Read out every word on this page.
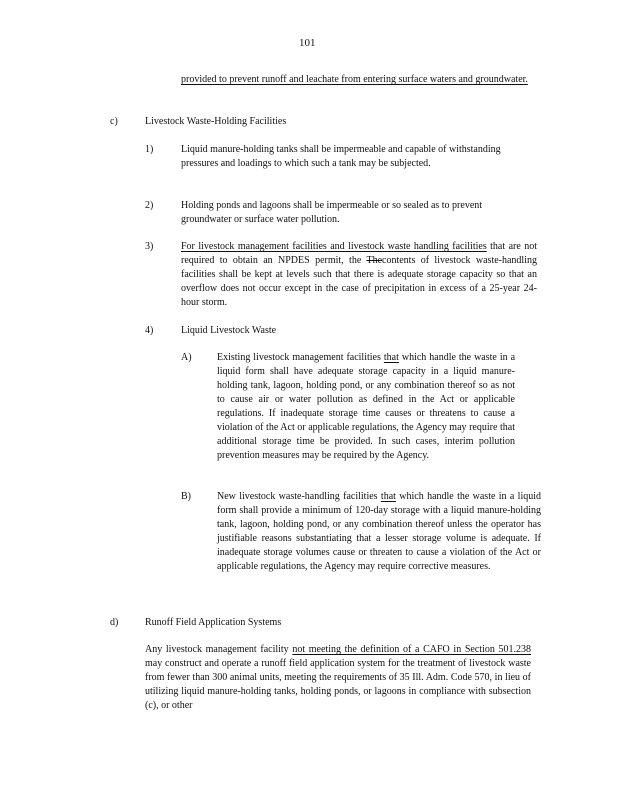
101
provided to prevent runoff and leachate from entering surface waters and groundwater.
c)	Livestock Waste-Holding Facilities
1)	Liquid manure-holding tanks shall be impermeable and capable of withstanding pressures and loadings to which such a tank may be subjected.
2)	Holding ponds and lagoons shall be impermeable or so sealed as to prevent groundwater or surface water pollution.
3)	For livestock management facilities and livestock waste handling facilities that are not required to obtain an NPDES permit, the Thecontents of livestock waste-handling facilities shall be kept at levels such that there is adequate storage capacity so that an overflow does not occur except in the case of precipitation in excess of a 25-year 24-hour storm.
4)	Liquid Livestock Waste
A)	Existing livestock management facilities that which handle the waste in a liquid form shall have adequate storage capacity in a liquid manure-holding tank, lagoon, holding pond, or any combination thereof so as not to cause air or water pollution as defined in the Act or applicable regulations. If inadequate storage time causes or threatens to cause a violation of the Act or applicable regulations, the Agency may require that additional storage time be provided. In such cases, interim pollution prevention measures may be required by the Agency.
B)	New livestock waste-handling facilities that which handle the waste in a liquid form shall provide a minimum of 120-day storage with a liquid manure-holding tank, lagoon, holding pond, or any combination thereof unless the operator has justifiable reasons substantiating that a lesser storage volume is adequate. If inadequate storage volumes cause or threaten to cause a violation of the Act or applicable regulations, the Agency may require corrective measures.
d)	Runoff Field Application Systems
Any livestock management facility not meeting the definition of a CAFO in Section 501.238 may construct and operate a runoff field application system for the treatment of livestock waste from fewer than 300 animal units, meeting the requirements of 35 Ill. Adm. Code 570, in lieu of utilizing liquid manure-holding tanks, holding ponds, or lagoons in compliance with subsection (c), or other
